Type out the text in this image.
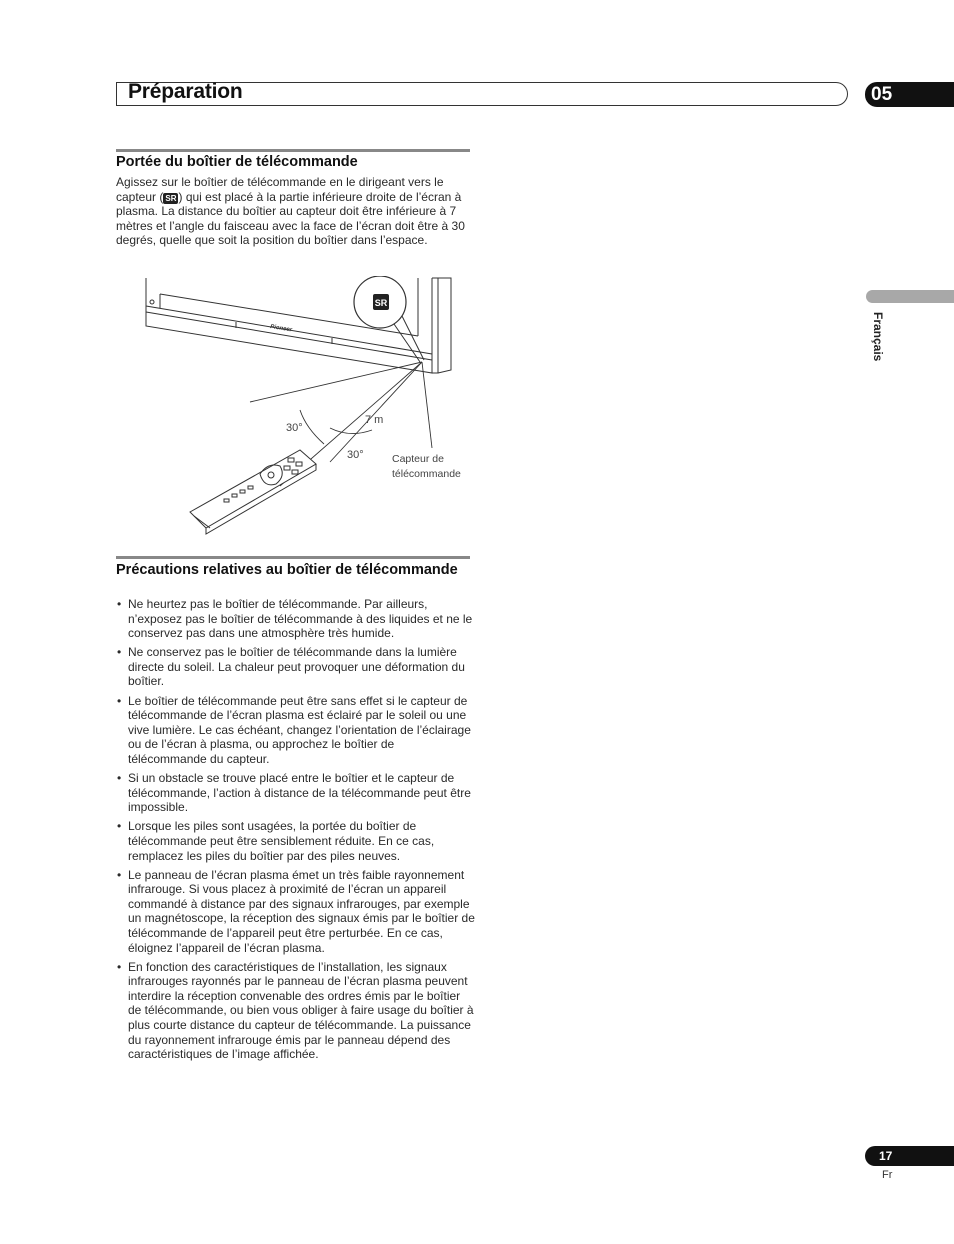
Préparation	05
Français
Portée du boîtier de télécommande
Agissez sur le boîtier de télécommande en le dirigeant vers le capteur ( SR ) qui est placé à la partie inférieure droite de l’écran à plasma. La distance du boîtier au capteur doit être inférieure à 7 mètres et l’angle du faisceau avec la face de l’écran doit être à 30 degrés, quelle que soit la position du boîtier dans l’espace.
Pioneer
SR
30°
7 m
30°	Capteur de
télécommande
Précautions relatives au boîtier de télécommande
• Ne heurtez pas le boîtier de télécommande. Par ailleurs, n’exposez pas le boîtier de télécommande à des liquides et ne le conservez pas dans une atmosphère très humide.
• Ne conservez pas le boîtier de télécommande dans la lumière directe du soleil. La chaleur peut provoquer une déformation du boîtier.
• Le boîtier de télécommande peut être sans effet si le capteur de télécommande de l’écran plasma est éclairé par le soleil ou une vive lumière. Le cas échéant, changez l’orientation de l’éclairage ou de l’écran à plasma, ou approchez le boîtier de télécommande du capteur.
• Si un obstacle se trouve placé entre le boîtier et le capteur de télécommande, l’action à distance de la télécommande peut être impossible.
• Lorsque les piles sont usagées, la portée du boîtier de télécommande peut être sensiblement réduite. En ce cas, remplacez les piles du boîtier par des piles neuves.
• Le panneau de l’écran plasma émet un très faible rayonnement infrarouge. Si vous placez à proximité de l’écran un appareil commandé à distance par des signaux infrarouges, par exemple un magnétoscope, la réception des signaux émis par le boîtier de télécommande de l’appareil peut être perturbée. En ce cas, éloignez l’appareil de l’écran plasma.
• En fonction des caractéristiques de l’installation, les signaux infrarouges rayonnés par le panneau de l’écran plasma peuvent interdire la réception convenable des ordres émis par le boîtier de télécommande, ou bien vous obliger à faire usage du boîtier à plus courte distance du capteur de télécommande. La puissance du rayonnement infrarouge émis par le panneau dépend des caractéristiques de l’image affichée.
17
Fr
